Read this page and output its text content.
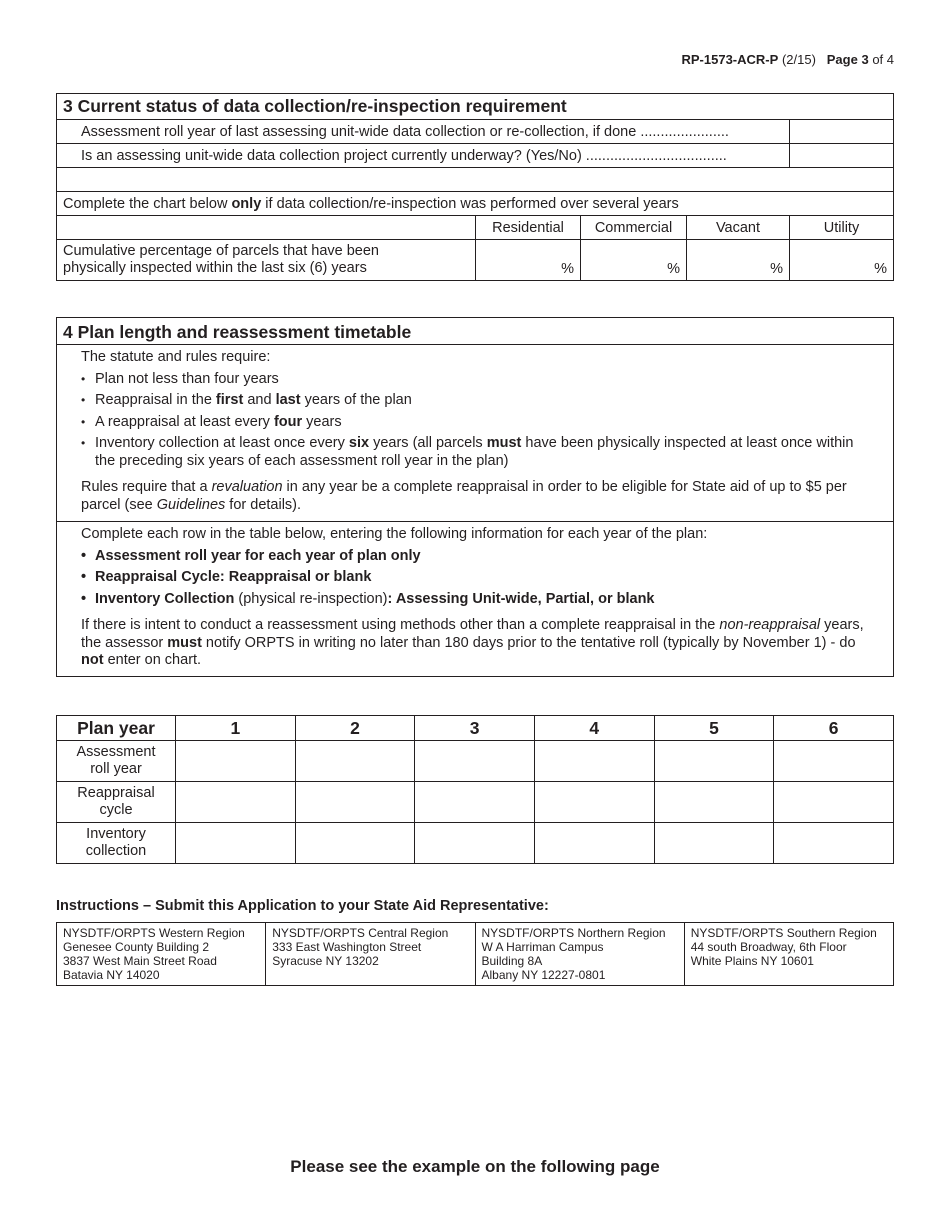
RP-1573-ACR-P (2/15) Page 3 of 4
3 Current status of data collection/re-inspection requirement				
Assessment roll year of last assessing unit-wide data collection or re-collection, if done ......................				
Is an assessing unit-wide data collection project currently underway? (Yes/No) ...................................				

Complete the chart below only if data collection/re-inspection was performed over several years				
	Residential	Commercial	Vacant	Utility
Cumulative percentage of parcels that have been
physically inspected within the last six (6) years	%	%	%	%
4 Plan length and reassessment timetable
The statute and rules require:
• Plan not less than four years
• Reappraisal in the first and last years of the plan
• A reappraisal at least every four years
• Inventory collection at least once every six years (all parcels must have been physically inspected at least once within the preceding six years of each assessment roll year in the plan)
Rules require that a revaluation in any year be a complete reappraisal in order to be eligible for State aid of up to $5 per parcel (see Guidelines for details).
Complete each row in the table below, entering the following information for each year of the plan:
• Assessment roll year for each year of plan only
• Reappraisal Cycle: Reappraisal or blank
• Inventory Collection (physical re-inspection): Assessing Unit-wide, Partial, or blank
If there is intent to conduct a reassessment using methods other than a complete reappraisal in the non-reappraisal years, the assessor must notify ORPTS in writing no later than 180 days prior to the tentative roll (typically by November 1) - do not enter on chart.
Plan year	1	2	3	4	5	6
Assessment
roll year						
Reappraisal
cycle						
Inventory
collection						
Instructions – Submit this Application to your State Aid Representative:
NYSDTF/ORPTS Western Region
Genesee County Building 2
3837 West Main Street Road
Batavia NY 14020

NYSDTF/ORPTS Central Region
333 East Washington Street
Syracuse NY 13202

NYSDTF/ORPTS Northern Region
W A Harriman Campus
Building 8A
Albany NY 12227-0801

NYSDTF/ORPTS Southern Region
44 south Broadway, 6th Floor
White Plains NY 10601
Please see the example on the following page
